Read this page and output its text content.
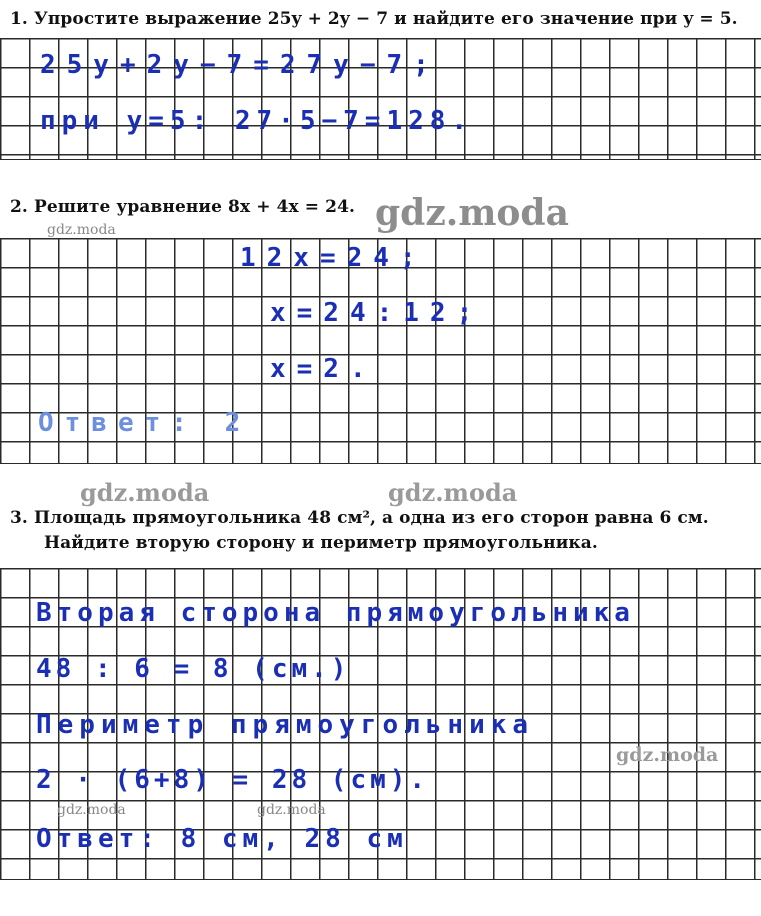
1. Упростите выражение 25y + 2y − 7 и найдите его значение при y = 5.
25y+2y−7=27y−7;
при y=5: 27·5−7=128.
2. Решите уравнение 8x + 4x = 24. gdz.moda
gdz.moda
12x=24;
x=24:12;
x=2.
Ответ: 2
gdz.moda	gdz.moda
3. Площадь прямоугольника 48 см², а одна из его сторон равна 6 см.
Найдите вторую сторону и периметр прямоугольника.
Вторая сторона прямоугольника
48 : 6 = 8 (см.)
Периметр прямоугольника
gdz.moda
2 · (6+8) = 28 (см).
gdz.moda	gdz.moda
Ответ: 8 см, 28 см
